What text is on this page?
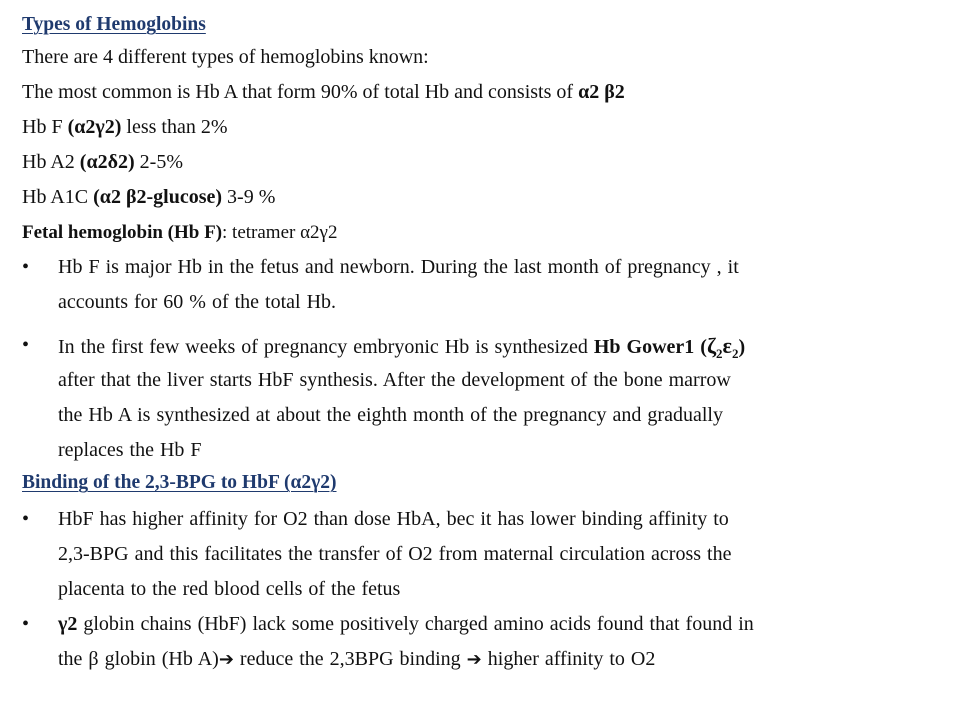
Types of Hemoglobins
There are 4 different types of hemoglobins known:
The most common is Hb A that form 90% of total Hb and consists of α2 β2
Hb F (α2γ2) less than 2%
Hb A2 (α2δ2) 2-5%
Hb A1C (α2 β2-glucose) 3-9 %
Fetal hemoglobin (Hb F): tetramer α2γ2
•	Hb F is major Hb in the fetus and newborn. During the last month of pregnancy , it
accounts for 60 % of the total Hb.
•	In the first few weeks of pregnancy embryonic Hb is synthesized Hb Gower1 $(\zeta_2\varepsilon_2)$
after that the liver starts HbF synthesis. After the development of the bone marrow
the Hb A is synthesized at about the eighth month of the pregnancy and gradually
replaces the Hb F
Binding of the 2,3-BPG to HbF (α2γ2)
•	HbF has higher affinity for O2 than dose HbA, bec it has lower binding affinity to
2,3-BPG and this facilitates the transfer of O2 from maternal circulation across the
placenta to the red blood cells of the fetus
•	γ2 globin chains (HbF) lack some positively charged amino acids found that found in
the β globin (Hb A)➔ reduce the 2,3BPG binding ➔ higher affinity to O2
